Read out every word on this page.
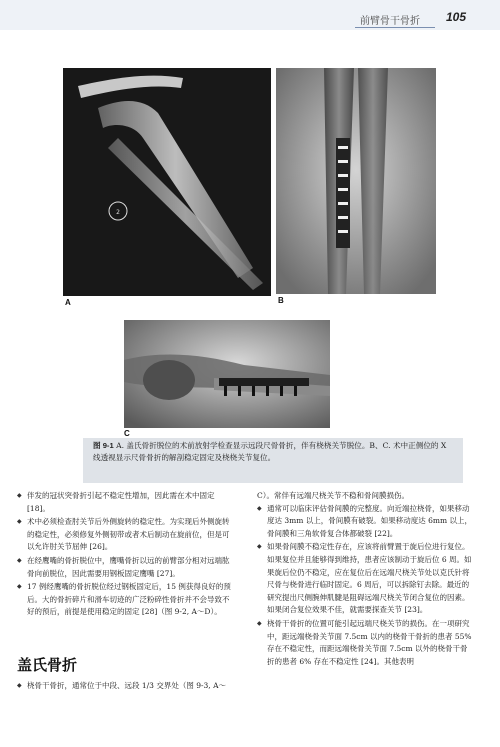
前臂骨干骨折 105
2
A	B
C
图 9-1 A. 盖氏骨折脱位的术前放射学检查显示远段尺骨骨折，伴有桡桡关节脱位。B、C. 术中正侧位的 X 线透视显示尺骨骨折的解剖稳定固定及桡桡关节复位。

◆ 伴发的冠状突骨折引起不稳定性增加，因此需在术中固定 [18]。

◆ 术中必须检查肘关节后外侧旋转的稳定性。为实现后外侧旋转的稳定性，必须修复外侧韧带或者术后制动在旋前位，但是可以允许肘关节屈伸 [26]。

◆ 在经鹰嘴的骨折脱位中，鹰嘴骨折以远的前臂部分相对远端肱骨向前脱位，因此需要用钢板固定鹰嘴 [27]。

◆ 17 例经鹰嘴的骨折脱位经过钢板固定后，15 例获得良好的预后。大的骨折碎片和滑车切迹的广泛粉碎性骨折并不会导致不好的预后，前提是使用稳定的固定 [28]（图 9-2, A～D）。

盖氏骨折
◆ 桡骨干骨折，通常位于中段、远段 1/3 交界处（图 9-3, A～

C）。常伴有远端尺桡关节不稳和骨间膜损伤。

◆ 通常可以临床评估骨间膜的完整度。向近端拉桡骨，如果移动度达 3mm 以上，骨间膜有破裂。如果移动度达 6mm 以上，骨间膜和三角软骨复合体都破裂 [22]。

◆ 如果骨间膜不稳定性存在，应该将前臂置于旋后位进行复位。如果复位并且能够得到维持，患者应该制动于旋后位 6 周。如果旋后位仍不稳定，应在复位后在远端尺桡关节处以克氏针将尺骨与桡骨进行临时固定。6 周后，可以拆除钉去除。最近的研究提出尺侧腕伸肌腱是阻碍远端尺桡关节闭合复位的因素。如果闭合复位效果不佳，就需要探查关节 [23]。

◆ 桡骨干骨折的位置可能引起远端尺桡关节的损伤。在一项研究中，距远端桡骨关节面 7.5cm 以内的桡骨干骨折的患者 55% 存在不稳定性，而距远端桡骨关节面 7.5cm 以外的桡骨干骨折的患者 6% 存在不稳定性 [24]。其他表明
